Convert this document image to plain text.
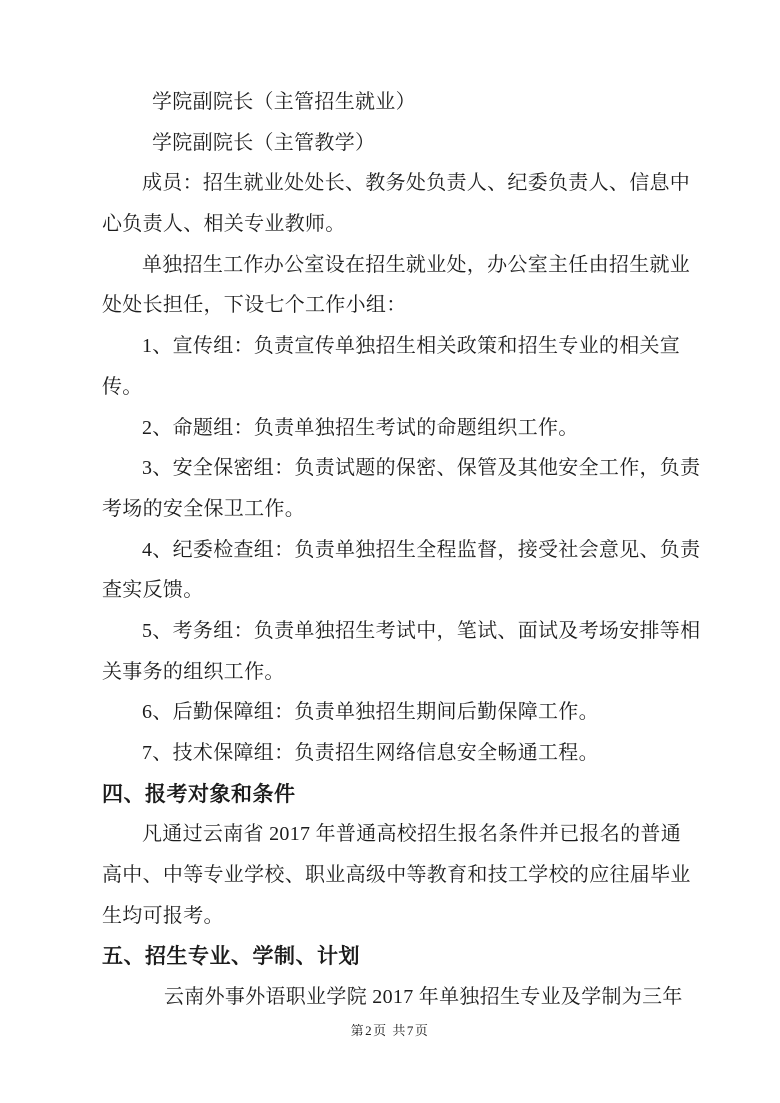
学院副院长（主管招生就业）
学院副院长（主管教学）
成员：招生就业处处长、教务处负责人、纪委负责人、信息中
心负责人、相关专业教师。
单独招生工作办公室设在招生就业处，办公室主任由招生就业
处处长担任，下设七个工作小组：
1、宣传组：负责宣传单独招生相关政策和招生专业的相关宣
传。
2、命题组：负责单独招生考试的命题组织工作。
3、安全保密组：负责试题的保密、保管及其他安全工作，负责
考场的安全保卫工作。
4、纪委检查组：负责单独招生全程监督，接受社会意见、负责
查实反馈。
5、考务组：负责单独招生考试中，笔试、面试及考场安排等相
关事务的组织工作。
6、后勤保障组：负责单独招生期间后勤保障工作。
7、技术保障组：负责招生网络信息安全畅通工程。
四、报考对象和条件
凡通过云南省 2017 年普通高校招生报名条件并已报名的普通
高中、中等专业学校、职业高级中等教育和技工学校的应往届毕业
生均可报考。
五、招生专业、学制、计划
云南外事外语职业学院 2017 年单独招生专业及学制为三年
第2页 共7页
